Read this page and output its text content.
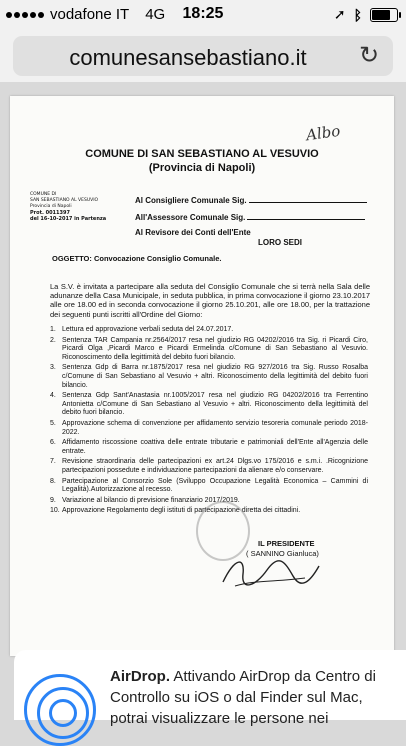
vodafone IT 4G	18:25	➚ ᛒ
comunesansebastiano.it	↻
Albo
COMUNE DI SAN SEBASTIANO AL VESUVIO
(Provincia di Napoli)
COMUNE DI
SAN SEBASTIANO AL VESUVIO
Provincia di Napoli
Prot. 0011397
del 16-10-2017 in Partenza
Al Consigliere Comunale Sig.
All'Assessore Comunale Sig.
Al Revisore dei Conti dell'Ente
LORO SEDI
OGGETTO: Convocazione Consiglio Comunale.
La S.V. è invitata a partecipare alla seduta del Consiglio Comunale che si terrà nella Sala delle adunanze della Casa Municipale, in seduta pubblica, in prima convocazione il giorno 23.10.2017 alle ore 18.00 ed in seconda convocazione il giorno 25.10.201, alle ore 18.00, per la trattazione dei seguenti punti iscritti all'Ordine del Giorno:
1. Lettura ed approvazione verbali seduta del 24.07.2017.
2. Sentenza TAR Campania nr.2564/2017 resa nel giudizio RG 04202/2016 tra Sig. ri Picardi Ciro, Picardi Olga ,Picardi Marco e Picardi Ermelinda c/Comune di San Sebastiano al Vesuvio. Riconoscimento della legittimità del debito fuori bilancio.
3. Sentenza Gdp di Barra nr.1875/2017 resa nel giudizio RG 927/2016 tra Sig. Russo Rosalba c/Comune di San Sebastiano al Vesuvio + altri. Riconoscimento della legittimità del debito fuori bilancio.
4. Sentenza Gdp Sant'Anastasia nr.1005/2017 resa nel giudizio RG 04202/2016 tra Ferrentino Antonietta c/Comune di San Sebastiano al Vesuvio + altri. Riconoscimento della legittimità del debito fuori bilancio.
5. Approvazione schema di convenzione per affidamento servizio tesoreria comunale periodo 2018-2022.
6. Affidamento riscossione coattiva delle entrate tributarie e patrimoniali dell'Ente all'Agenzia delle entrate.
7. Revisione straordinaria delle partecipazioni ex art.24 Dlgs.vo 175/2016 e s.m.i. .Ricognizione partecipazioni possedute e individuazione partecipazioni da alienare e/o conservare.
8. Partecipazione al Consorzio Sole (Sviluppo Occupazione Legalità Economica – Cammini di Legalità).Autorizzazione al recesso.
9. Variazione al bilancio di previsione finanziario 2017/2019.
10. Approvazione Regolamento degli istituti di partecipazione diretta dei cittadini.
IL PRESIDENTE
( SANNINO Gianluca)
AirDrop. Attivando AirDrop da Centro di Controllo su iOS o dal Finder sul Mac, potrai visualizzare le persone nei
